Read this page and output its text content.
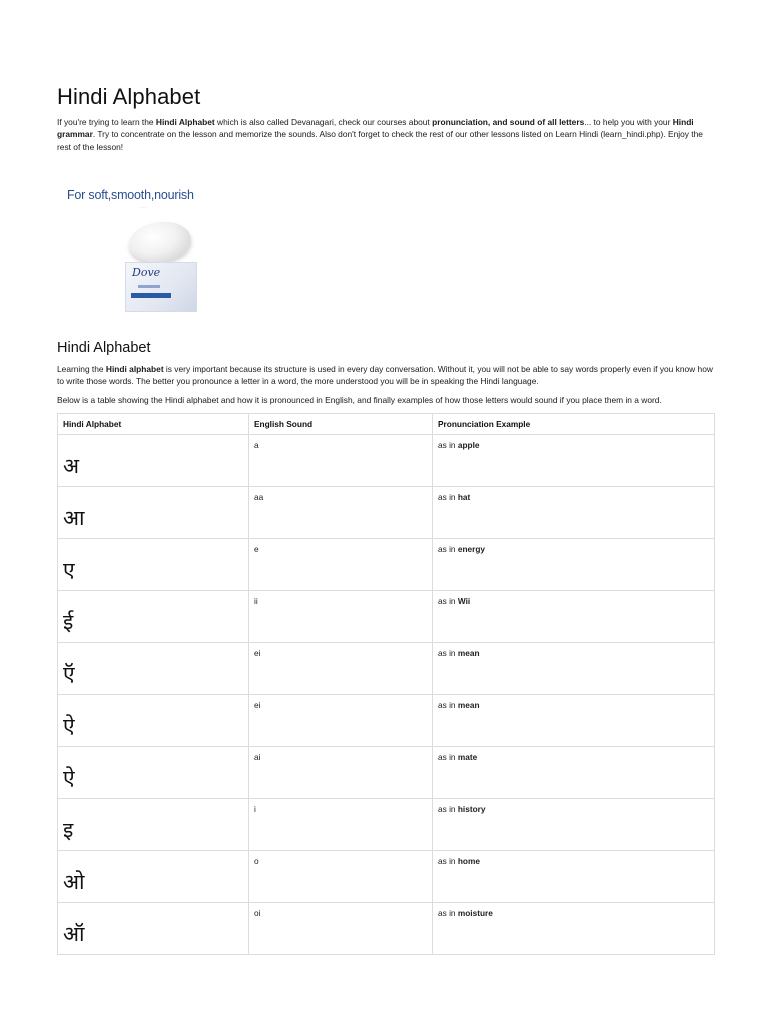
Hindi Alphabet

If you're trying to learn the Hindi Alphabet which is also called Devanagari, check our courses about pronunciation, and sound of all letters... to help you with your Hindi grammar. Try to concentrate on the lesson and memorize the sounds. Also don't forget to check the rest of our other lessons listed on Learn Hindi (learn_hindi.php). Enjoy the rest of the lesson!

For soft,smooth,nourish
· · ·
Dove
Hindi Alphabet

Learning the Hindi alphabet is very important because its structure is used in every day conversation. Without it, you will not be able to say words properly even if you know how to write those words. The better you pronounce a letter in a word, the more understood you will be in speaking the Hindi language.

Below is a table showing the Hindi alphabet and how it is pronounced in English, and finally examples of how those letters would sound if you place them in a word.

Hindi Alphabet	English Sound	Pronunciation Example
अ	a	as in apple
आ	aa	as in hat
ए	e	as in energy
ई	ii	as in Wii
ऍ	ei	as in mean
ऐ	ei	as in mean
ऐ	ai	as in mate
इ	i	as in history
ओ	o	as in home
ऑ	oi	as in moisture
